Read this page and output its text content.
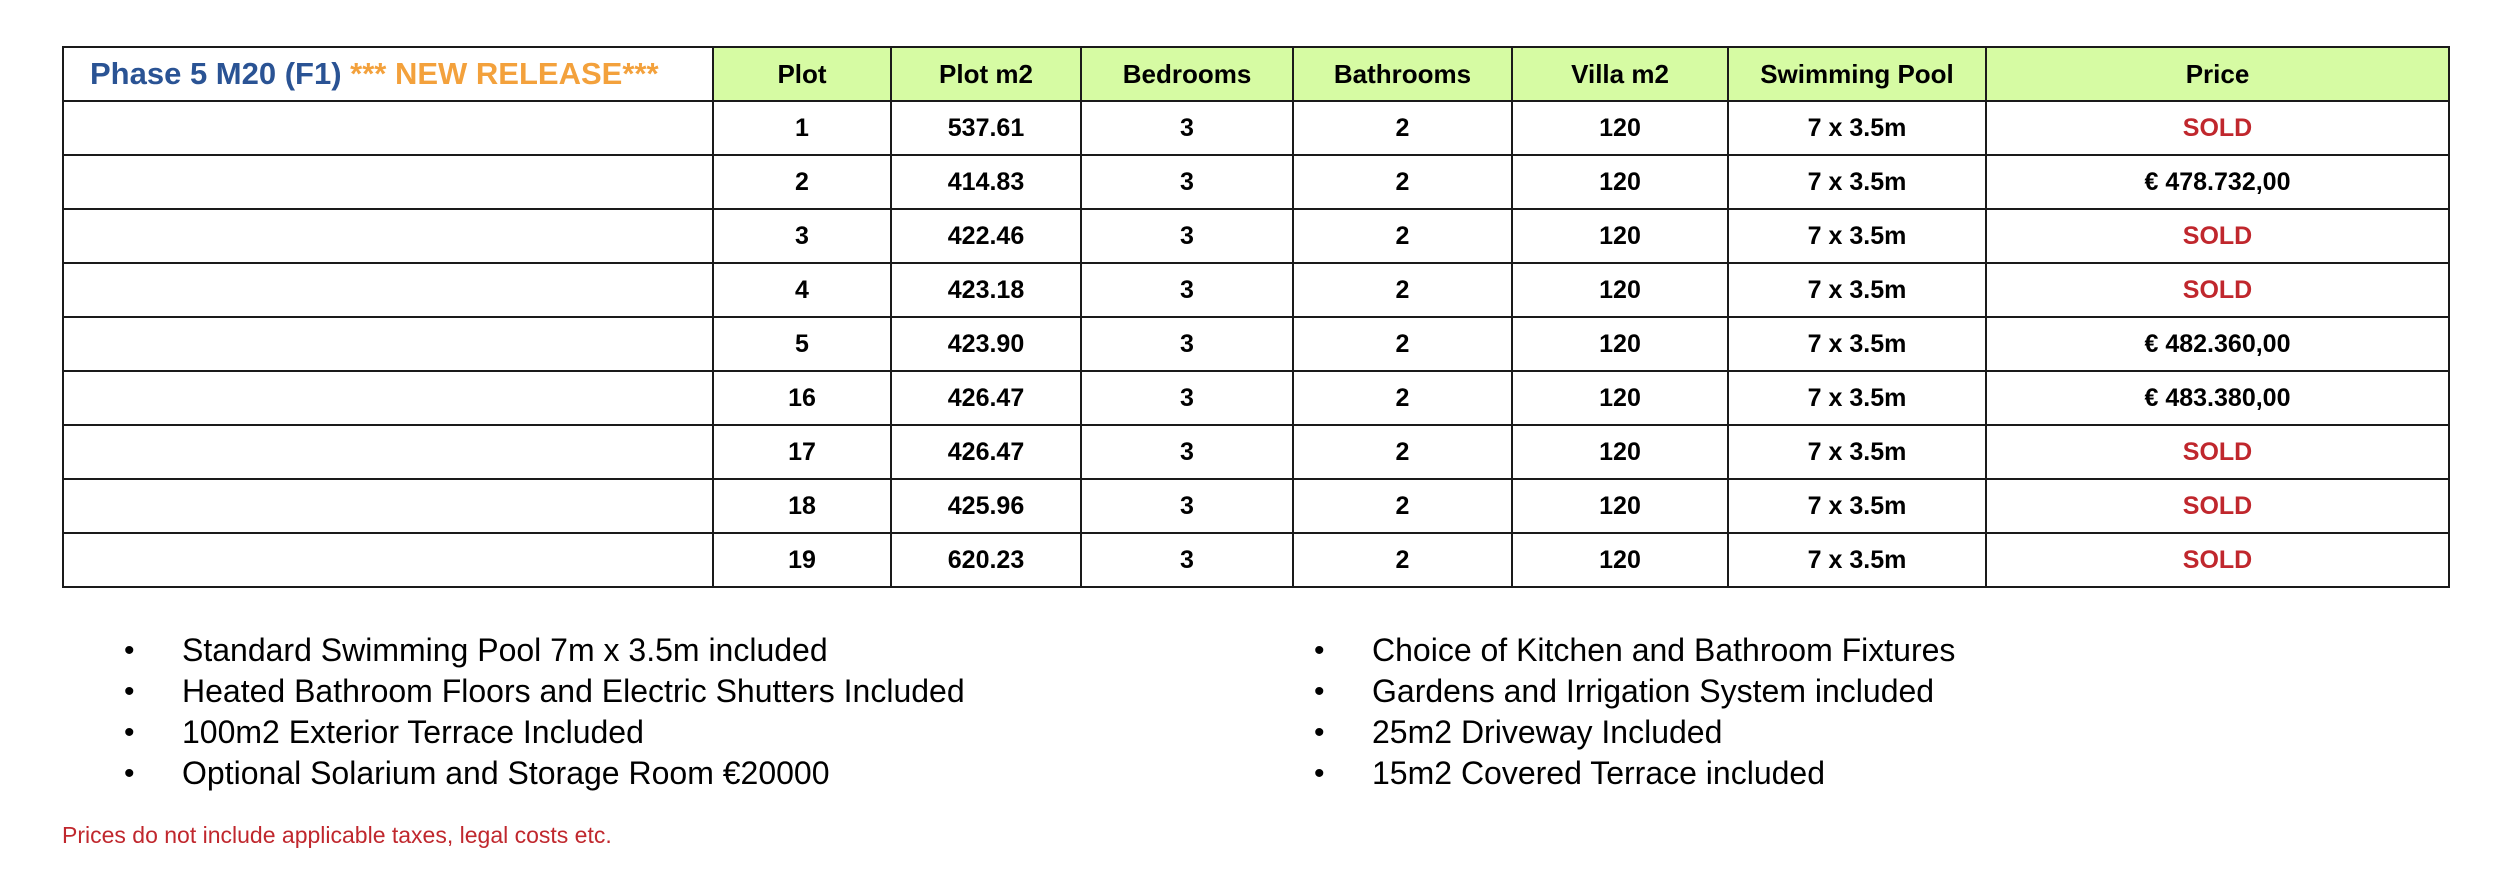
Phase 5 M20 (F1) *** NEW RELEASE***	Plot	Plot m2	Bedrooms	Bathrooms	Villa m2	Swimming Pool	Price
	1	537.61	3	2	120	7 x 3.5m	SOLD
	2	414.83	3	2	120	7 x 3.5m	€ 478.732,00
	3	422.46	3	2	120	7 x 3.5m	SOLD
	4	423.18	3	2	120	7 x 3.5m	SOLD
	5	423.90	3	2	120	7 x 3.5m	€ 482.360,00
	16	426.47	3	2	120	7 x 3.5m	€ 483.380,00
	17	426.47	3	2	120	7 x 3.5m	SOLD
	18	425.96	3	2	120	7 x 3.5m	SOLD
	19	620.23	3	2	120	7 x 3.5m	SOLD
• Standard Swimming Pool 7m x 3.5m included
• Heated Bathroom Floors and Electric Shutters Included
• 100m2 Exterior Terrace Included
• Optional Solarium and Storage Room €20000
• Choice of Kitchen and Bathroom Fixtures
• Gardens and Irrigation System included
• 25m2 Driveway Included
• 15m2 Covered Terrace included
Prices do not include applicable taxes, legal costs etc.
